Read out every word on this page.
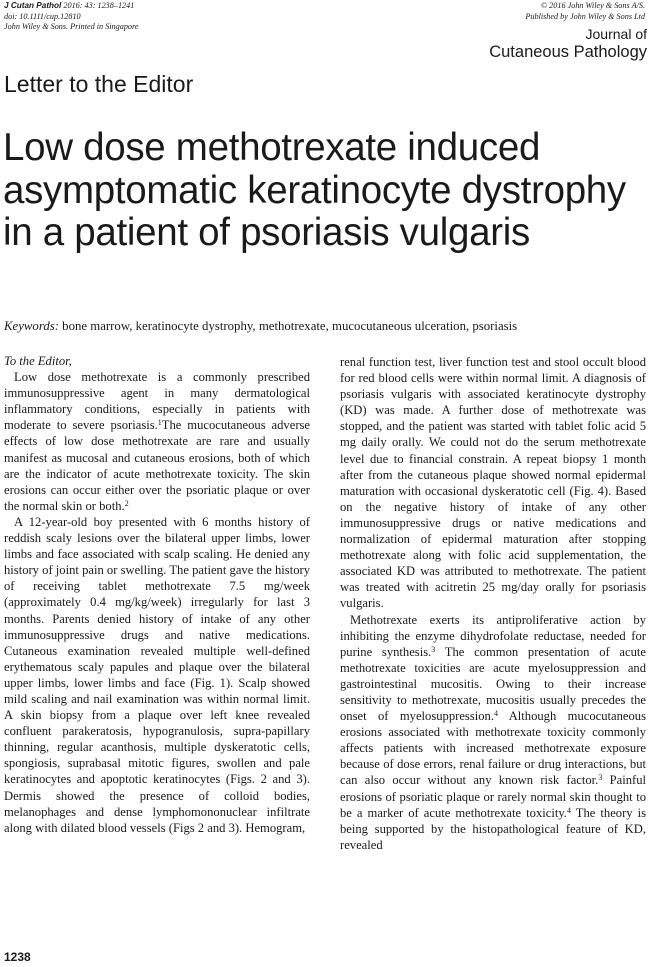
J Cutan Pathol 2016: 43: 1238–1241
doi: 10.1111/cup.12810
John Wiley & Sons. Printed in Singapore
© 2016 John Wiley & Sons A/S.
Published by John Wiley & Sons Ltd
Journal of
Cutaneous Pathology
Letter to the Editor
Low dose methotrexate induced
asymptomatic keratinocyte dystrophy
in a patient of psoriasis vulgaris
Keywords: bone marrow, keratinocyte dystrophy, methotrexate, mucocutaneous ulceration, psoriasis

To the Editor,

Low dose methotrexate is a commonly prescribed immunosuppressive agent in many dermatological inflammatory conditions, especially in patients with moderate to severe psoriasis.$^1$The mucocutaneous adverse effects of low dose methotrexate are rare and usually manifest as mucosal and cutaneous erosions, both of which are the indicator of acute methotrexate toxicity. The skin erosions can occur either over the psoriatic plaque or over the normal skin or both.$^2$

A 12-year-old boy presented with 6 months history of reddish scaly lesions over the bilateral upper limbs, lower limbs and face associated with scalp scaling. He denied any history of joint pain or swelling. The patient gave the history of receiving tablet methotrexate 7.5 mg/week (approximately 0.4 mg/kg/week) irregularly for last 3 months. Parents denied history of intake of any other immunosuppressive drugs and native medications. Cutaneous examination revealed multiple well-defined erythematous scaly papules and plaque over the bilateral upper limbs, lower limbs and face (Fig. 1). Scalp showed mild scaling and nail examination was within normal limit. A skin biopsy from a plaque over left knee revealed confluent parakeratosis, hypogranulosis, supra-papillary thinning, regular acanthosis, multiple dyskeratotic cells, spongiosis, suprabasal mitotic figures, swollen and pale keratinocytes and apoptotic keratinocytes (Figs. 2 and 3). Dermis showed the presence of colloid bodies, melanophages and dense lymphomononuclear infiltrate along with dilated blood vessels (Figs 2 and 3). Hemogram,

renal function test, liver function test and stool occult blood for red blood cells were within normal limit. A diagnosis of psoriasis vulgaris with associated keratinocyte dystrophy (KD) was made. A further dose of methotrexate was stopped, and the patient was started with tablet folic acid 5 mg daily orally. We could not do the serum methotrexate level due to financial constrain. A repeat biopsy 1 month after from the cutaneous plaque showed normal epidermal maturation with occasional dyskeratotic cell (Fig. 4). Based on the negative history of intake of any other immunosuppressive drugs or native medications and normalization of epidermal maturation after stopping methotrexate along with folic acid supplementation, the associated KD was attributed to methotrexate. The patient was treated with acitretin 25 mg/day orally for psoriasis vulgaris.

Methotrexate exerts its antiproliferative action by inhibiting the enzyme dihydrofolate reductase, needed for purine synthesis.$^3$ The common presentation of acute methotrexate toxicities are acute myelosuppression and gastrointestinal mucositis. Owing to their increase sensitivity to methotrexate, mucositis usually precedes the onset of myelosuppression.$^4$ Although mucocutaneous erosions associated with methotrexate toxicity commonly affects patients with increased methotrexate exposure because of dose errors, renal failure or drug interactions, but can also occur without any known risk factor.$^3$ Painful erosions of psoriatic plaque or rarely normal skin thought to be a marker of acute methotrexate toxicity.$^4$ The theory is being supported by the histopathological feature of KD, revealed

1238
